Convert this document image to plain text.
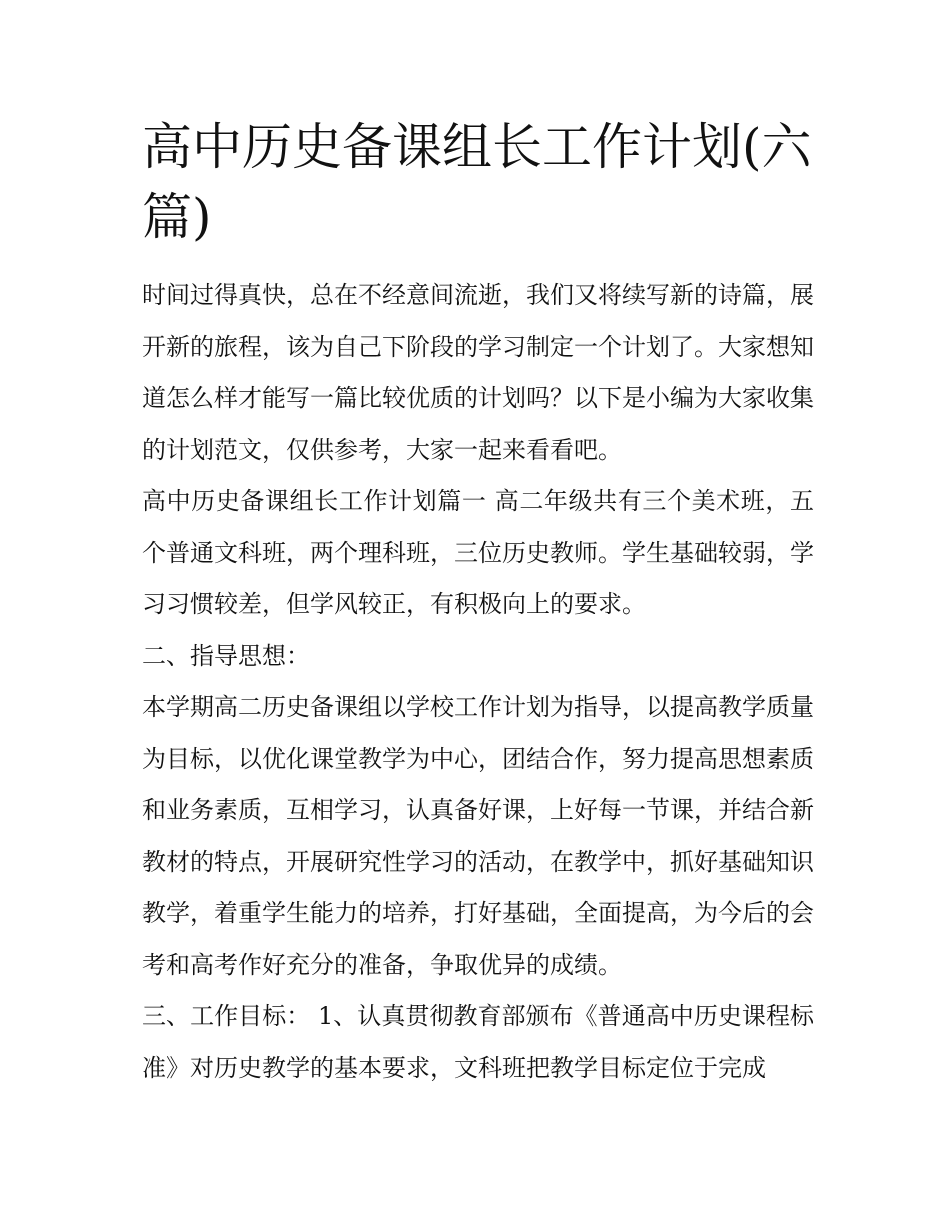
高中历史备课组长工作计划(六篇)

时间过得真快，总在不经意间流逝，我们又将续写新的诗篇，展开新的旅程，该为自己下阶段的学习制定一个计划了。大家想知道怎么样才能写一篇比较优质的计划吗？以下是小编为大家收集的计划范文，仅供参考，大家一起来看看吧。

高中历史备课组长工作计划篇一 高二年级共有三个美术班，五个普通文科班，两个理科班，三位历史教师。学生基础较弱，学习习惯较差，但学风较正，有积极向上的要求。

二、指导思想：

本学期高二历史备课组以学校工作计划为指导，以提高教学质量为目标，以优化课堂教学为中心，团结合作，努力提高思想素质和业务素质，互相学习，认真备好课，上好每一节课，并结合新教材的特点，开展研究性学习的活动，在教学中，抓好基础知识教学，着重学生能力的培养，打好基础，全面提高，为今后的会考和高考作好充分的准备，争取优异的成绩。

三、工作目标： 1、认真贯彻教育部颁布《普通高中历史课程标准》对历史教学的基本要求，文科班把教学目标定位于完成
